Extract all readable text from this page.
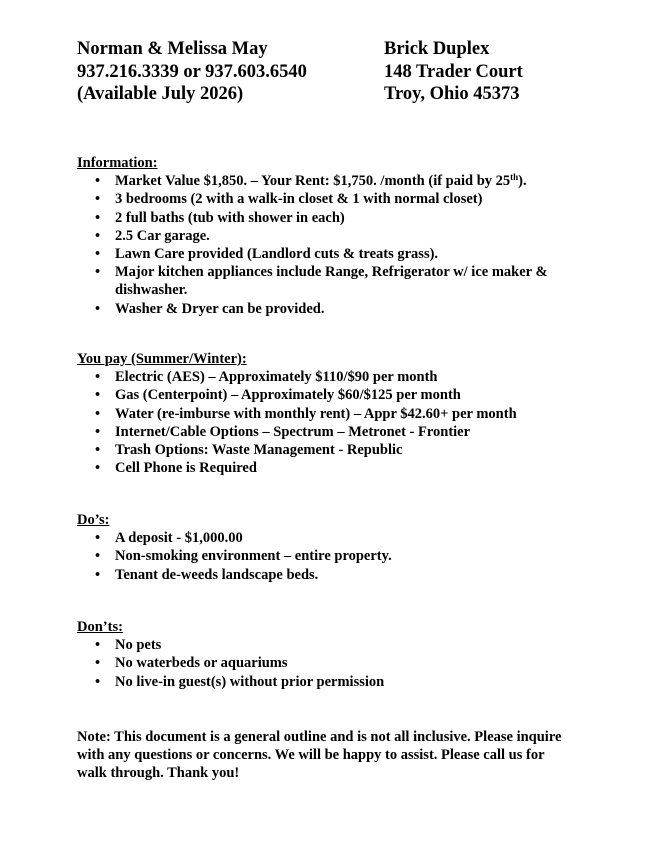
Norman & Melissa May
937.216.3339 or 937.603.6540
(Available July 2026)
Brick Duplex
148 Trader Court
Troy, Ohio 45373
Information:
• Market Value $1,850. – Your Rent: $1,750. /month (if paid by 25th).
• 3 bedrooms (2 with a walk-in closet & 1 with normal closet)
• 2 full baths (tub with shower in each)
• 2.5 Car garage.
• Lawn Care provided (Landlord cuts & treats grass).
• Major kitchen appliances include Range, Refrigerator w/ ice maker & dishwasher.
• Washer & Dryer can be provided.
You pay (Summer/Winter):
• Electric (AES) – Approximately $110/$90 per month
• Gas (Centerpoint) – Approximately $60/$125 per month
• Water (re-imburse with monthly rent) – Appr $42.60+ per month
• Internet/Cable Options – Spectrum – Metronet - Frontier
• Trash Options: Waste Management - Republic
• Cell Phone is Required
Do’s:
• A deposit - $1,000.00
• Non-smoking environment – entire property.
• Tenant de-weeds landscape beds.
Don’ts:
• No pets
• No waterbeds or aquariums
• No live-in guest(s) without prior permission
Note: This document is a general outline and is not all inclusive. Please inquire with any questions or concerns. We will be happy to assist. Please call us for walk through. Thank you!
